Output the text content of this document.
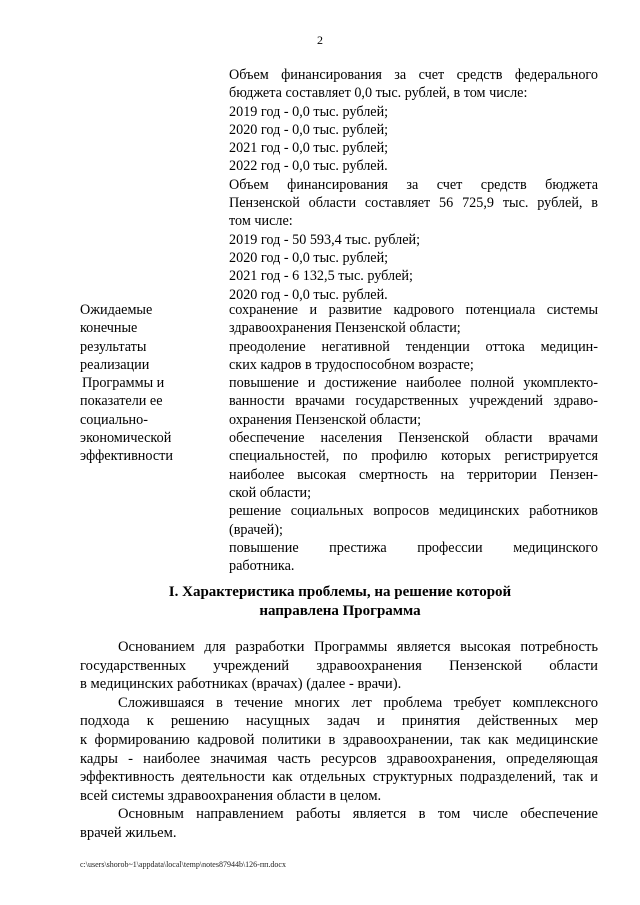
2
Объем финансирования за счет средств федерального
бюджета составляет 0,0 тыс. рублей, в том числе:
2019 год - 0,0 тыс. рублей;
2020 год - 0,0 тыс. рублей;
2021 год - 0,0 тыс. рублей;
2022 год - 0,0 тыс. рублей.
Объем финансирования за счет средств бюджета
Пензенской области составляет 56 725,9 тыс. рублей, в
том числе:
2019 год - 50 593,4 тыс. рублей;
2020 год - 0,0 тыс. рублей;
2021 год - 6 132,5 тыс. рублей;
2020 год - 0,0 тыс. рублей.
Ожидаемые
конечные
результаты
реализации
Программы и
показатели ее
социально-
экономической
эффективности
сохранение и развитие кадрового потенциала системы
здравоохранения Пензенской области;
преодоление негативной тенденции оттока медицин-
ских кадров в трудоспособном возрасте;
повышение и достижение наиболее полной укомплекто-
ванности врачами государственных учреждений здраво-
охранения Пензенской области;
обеспечение населения Пензенской области врачами
специальностей, по профилю которых регистрируется
наиболее высокая смертность на территории Пензен-
ской области;
решение социальных вопросов медицинских работников
(врачей);
повышение престижа профессии медицинского
работника.
I. Характеристика проблемы, на решение которой
направлена Программа
Основанием для разработки Программы является высокая потребность
государственных учреждений здравоохранения Пензенской области
в медицинских работниках (врачах) (далее - врачи).
Сложившаяся в течение многих лет проблема требует комплексного
подхода к решению насущных задач и принятия действенных мер
к формированию кадровой политики в здравоохранении, так как медицинские
кадры - наиболее значимая часть ресурсов здравоохранения, определяющая
эффективность деятельности как отдельных структурных подразделений, так и
всей системы здравоохранения области в целом.
Основным направлением работы является в том числе обеспечение
врачей жильем.
c:\users\shorob~1\appdata\local\temp\notes87944b\126-пп.docx
